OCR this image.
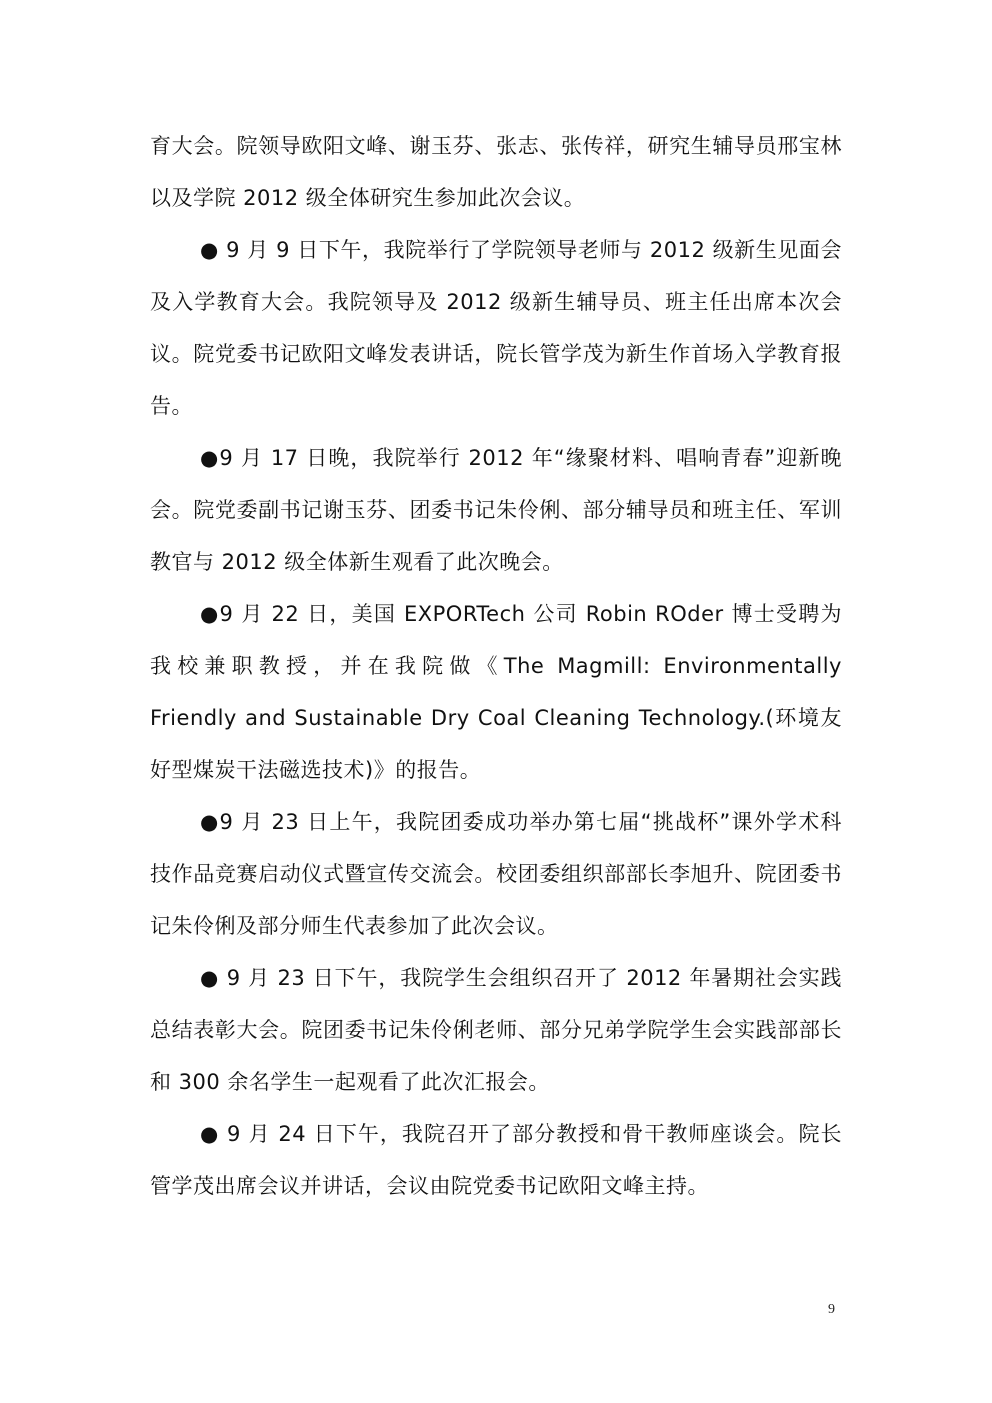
育大会。院领导欧阳文峰、谢玉芬、张志、张传祥，研究生辅导员邢宝林以及学院 2012 级全体研究生参加此次会议。

● 9 月 9 日下午，我院举行了学院领导老师与 2012 级新生见面会及入学教育大会。我院领导及 2012 级新生辅导员、班主任出席本次会议。院党委书记欧阳文峰发表讲话，院长管学茂为新生作首场入学教育报告。

●9 月 17 日晚，我院举行 2012 年“缘聚材料、唱响青春”迎新晚会。院党委副书记谢玉芬、团委书记朱伶俐、部分辅导员和班主任、军训教官与 2012 级全体新生观看了此次晚会。

●9 月 22 日，美国 EXPORTech 公司 Robin ROder 博士受聘为我校兼职教授，并在我院做《The Magmill: Environmentally Friendly and Sustainable Dry Coal Cleaning Technology.(环境友好型煤炭干法磁选技术)》的报告。

●9 月 23 日上午，我院团委成功举办第七届“挑战杯”课外学术科技作品竞赛启动仪式暨宣传交流会。校团委组织部部长李旭升、院团委书记朱伶俐及部分师生代表参加了此次会议。

● 9 月 23 日下午，我院学生会组织召开了 2012 年暑期社会实践总结表彰大会。院团委书记朱伶俐老师、部分兄弟学院学生会实践部部长和 300 余名学生一起观看了此次汇报会。

● 9 月 24 日下午，我院召开了部分教授和骨干教师座谈会。院长管学茂出席会议并讲话，会议由院党委书记欧阳文峰主持。

9
